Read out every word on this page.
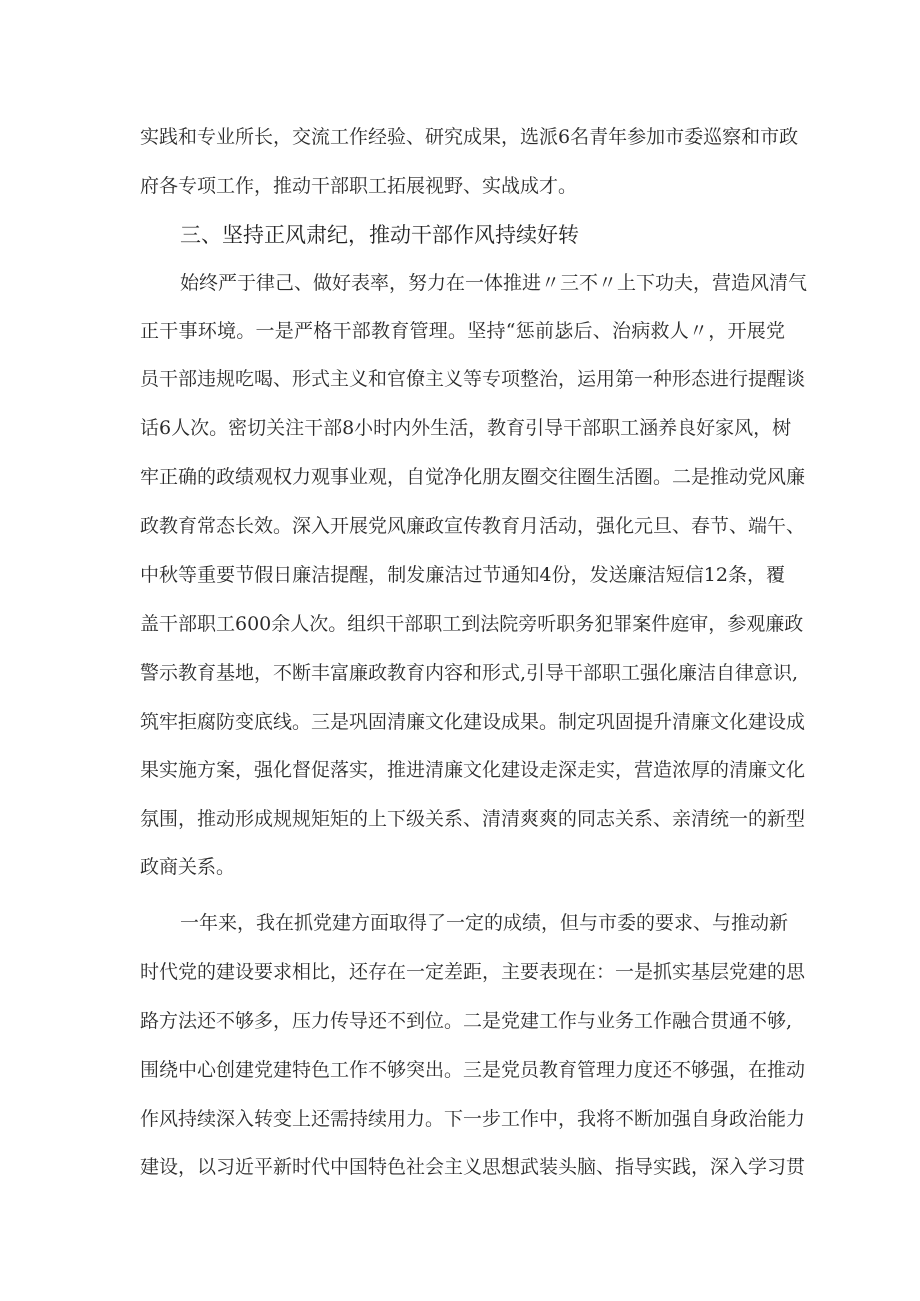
实践和专业所长，交流工作经验、研究成果，选派6名青年参加市委巡察和市政
府各专项工作，推动干部职工拓展视野、实战成才。
三、坚持正风肃纪，推动干部作风持续好转
始终严于律己、做好表率，努力在一体推进〃三不〃上下功夫，营造风清气
正干事环境。一是严格干部教育管理。坚持“惩前毖后、治病救人〃，开展党
员干部违规吃喝、形式主义和官僚主义等专项整治，运用第一种形态进行提醒谈
话6人次。密切关注干部8小时内外生活，教育引导干部职工涵养良好家风，树
牢正确的政绩观权力观事业观，自觉净化朋友圈交往圈生活圈。二是推动党风廉
政教育常态长效。深入开展党风廉政宣传教育月活动，强化元旦、春节、端午、
中秋等重要节假日廉洁提醒，制发廉洁过节通知4份，发送廉洁短信12条，覆
盖干部职工600余人次。组织干部职工到法院旁听职务犯罪案件庭审，参观廉政
警示教育基地，不断丰富廉政教育内容和形式,引导干部职工强化廉洁自律意识,
筑牢拒腐防变底线。三是巩固清廉文化建设成果。制定巩固提升清廉文化建设成
果实施方案，强化督促落实，推进清廉文化建设走深走实，营造浓厚的清廉文化
氛围，推动形成规规矩矩的上下级关系、清清爽爽的同志关系、亲清统一的新型
政商关系。
一年来，我在抓党建方面取得了一定的成绩，但与市委的要求、与推动新
时代党的建设要求相比，还存在一定差距，主要表现在：一是抓实基层党建的思
路方法还不够多，压力传导还不到位。二是党建工作与业务工作融合贯通不够,
围绕中心创建党建特色工作不够突出。三是党员教育管理力度还不够强，在推动
作风持续深入转变上还需持续用力。下一步工作中，我将不断加强自身政治能力
建设，以习近平新时代中国特色社会主义思想武装头脑、指导实践，深入学习贯
